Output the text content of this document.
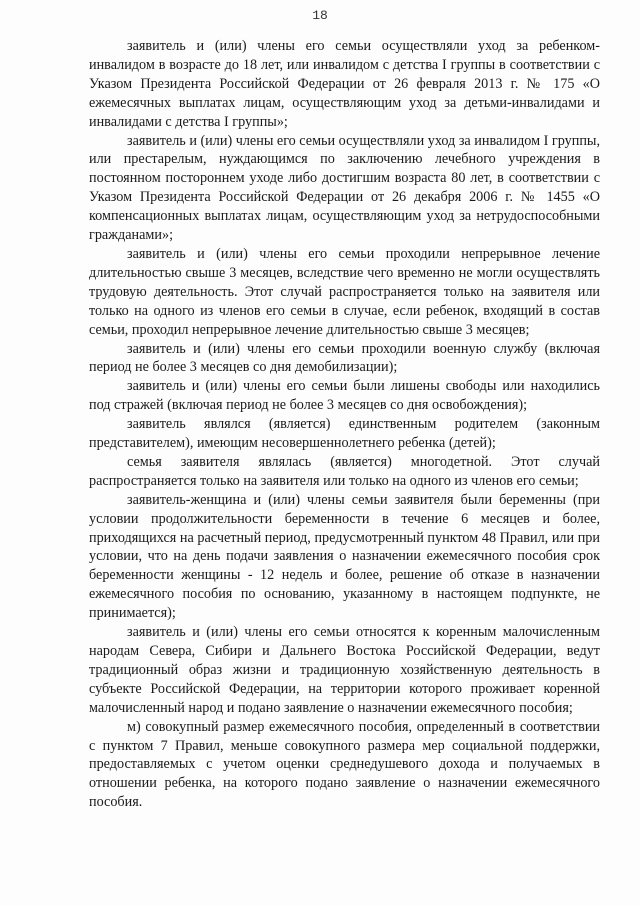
18

заявитель и (или) члены его семьи осуществляли уход за ребенком-инвалидом в возрасте до 18 лет, или инвалидом с детства I группы в соответствии с Указом Президента Российской Федерации от 26 февраля 2013 г. № 175 «О ежемесячных выплатах лицам, осуществляющим уход за детьми-инвалидами и инвалидами с детства I группы»;

заявитель и (или) члены его семьи осуществляли уход за инвалидом I группы, или престарелым, нуждающимся по заключению лечебного учреждения в постоянном постороннем уходе либо достигшим возраста 80 лет, в соответствии с Указом Президента Российской Федерации от 26 декабря 2006 г. № 1455 «О компенсационных выплатах лицам, осуществляющим уход за нетрудоспособными гражданами»;

заявитель и (или) члены его семьи проходили непрерывное лечение длительностью свыше 3 месяцев, вследствие чего временно не могли осуществлять трудовую деятельность. Этот случай распространяется только на заявителя или только на одного из членов его семьи в случае, если ребенок, входящий в состав семьи, проходил непрерывное лечение длительностью свыше 3 месяцев;

заявитель и (или) члены его семьи проходили военную службу (включая период не более 3 месяцев со дня демобилизации);

заявитель и (или) члены его семьи были лишены свободы или находились под стражей (включая период не более 3 месяцев со дня освобождения);

заявитель являлся (является) единственным родителем (законным представителем), имеющим несовершеннолетнего ребенка (детей);

семья заявителя являлась (является) многодетной. Этот случай распространяется только на заявителя или только на одного из членов его семьи;

заявитель-женщина и (или) члены семьи заявителя были беременны (при условии продолжительности беременности в течение 6 месяцев и более, приходящихся на расчетный период, предусмотренный пунктом 48 Правил, или при условии, что на день подачи заявления о назначении ежемесячного пособия срок беременности женщины - 12 недель и более, решение об отказе в назначении ежемесячного пособия по основанию, указанному в настоящем подпункте, не принимается);

заявитель и (или) члены его семьи относятся к коренным малочисленным народам Севера, Сибири и Дальнего Востока Российской Федерации, ведут традиционный образ жизни и традиционную хозяйственную деятельность в субъекте Российской Федерации, на территории которого проживает коренной малочисленный народ и подано заявление о назначении ежемесячного пособия;

м) совокупный размер ежемесячного пособия, определенный в соответствии с пунктом 7 Правил, меньше совокупного размера мер социальной поддержки, предоставляемых с учетом оценки среднедушевого дохода и получаемых в отношении ребенка, на которого подано заявление о назначении ежемесячного пособия.
